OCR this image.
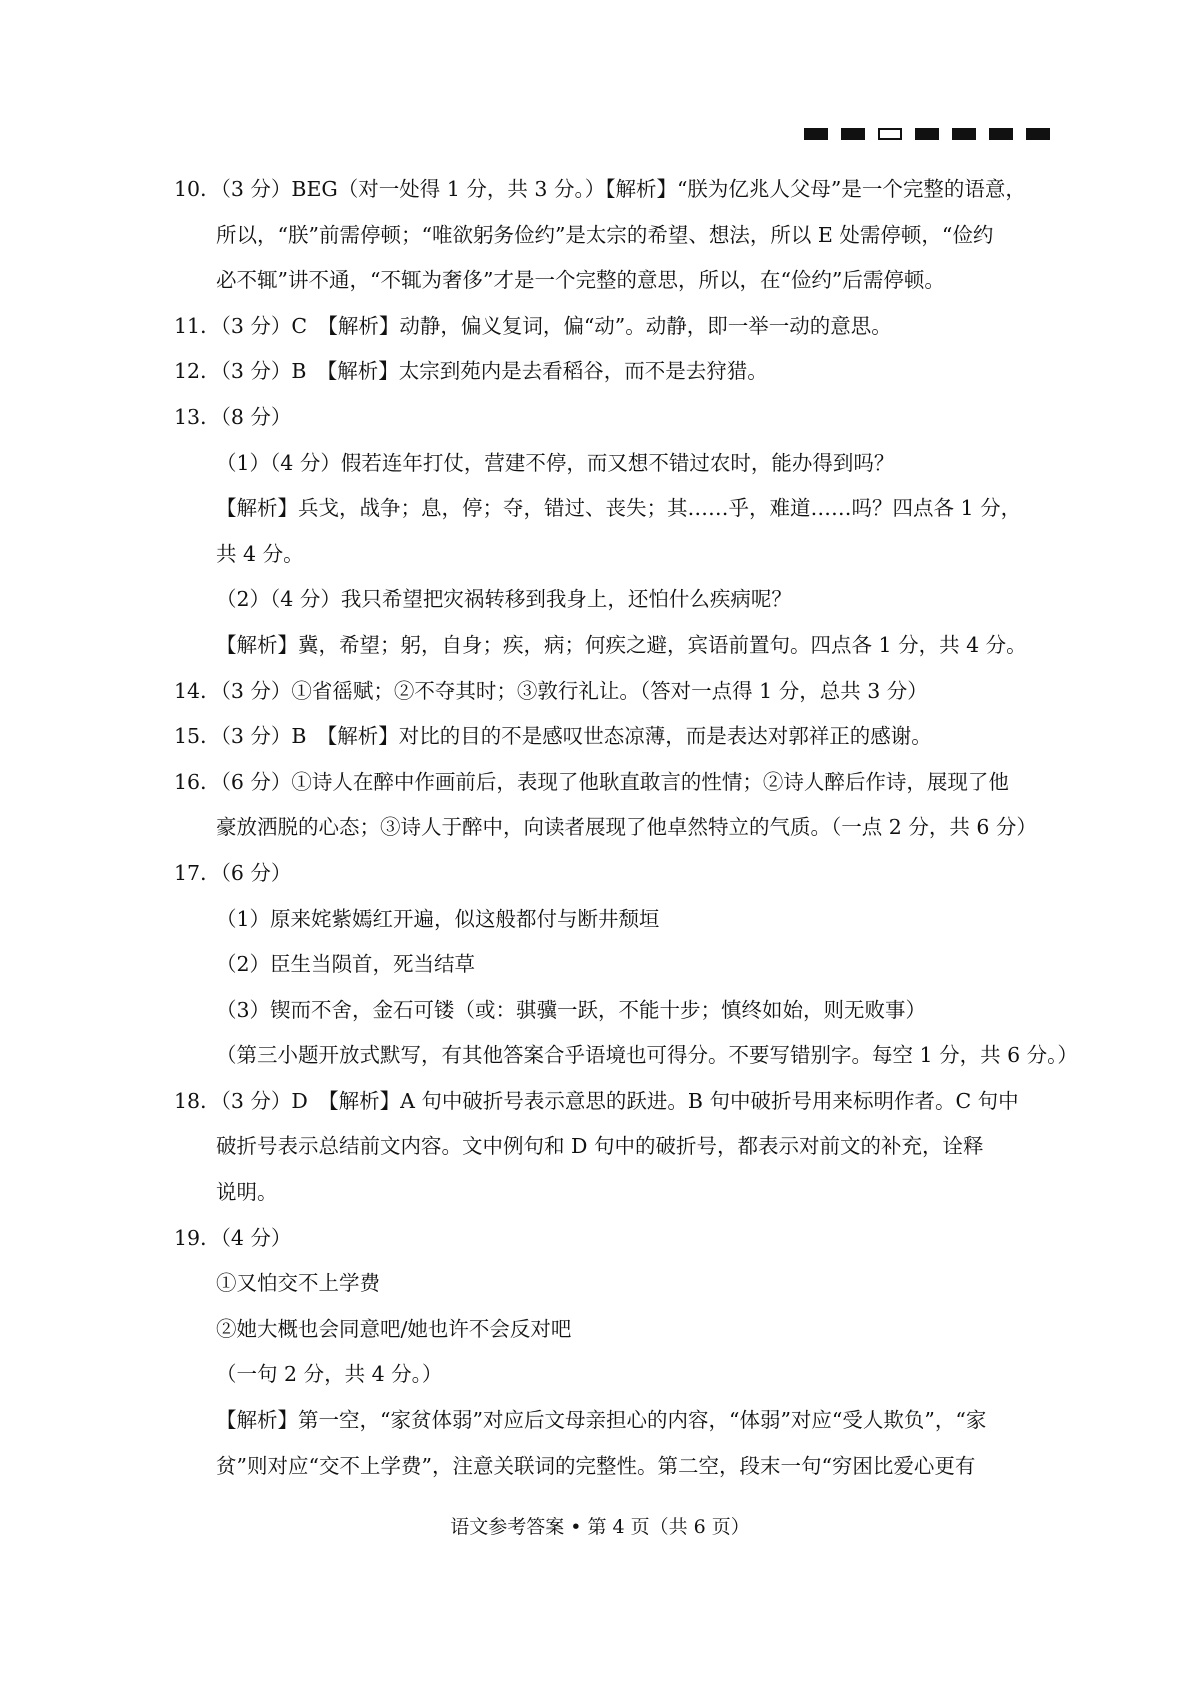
10．（3 分）BEG（对一处得 1 分，共 3 分。）【解析】“朕为亿兆人父母”是一个完整的语意，
所以，“朕”前需停顿；“唯欲躬务俭约”是太宗的希望、想法，所以 E 处需停顿，“俭约
必不辄”讲不通，“不辄为奢侈”才是一个完整的意思，所以，在“俭约”后需停顿。
11．（3 分）C　【解析】动静，偏义复词，偏“动”。动静，即一举一动的意思。
12．（3 分）B　【解析】太宗到苑内是去看稻谷，而不是去狩猎。
13．（8 分）
（1）（4 分）假若连年打仗，营建不停，而又想不错过农时，能办得到吗？
【解析】兵戈，战争；息，停；夺，错过、丧失；其……乎，难道……吗？四点各 1 分，
共 4 分。
（2）（4 分）我只希望把灾祸转移到我身上，还怕什么疾病呢？
【解析】冀，希望；躬，自身；疾，病；何疾之避，宾语前置句。四点各 1 分，共 4 分。
14．（3 分）①省徭赋；②不夺其时；③敦行礼让。（答对一点得 1 分，总共 3 分）
15．（3 分）B　【解析】对比的目的不是感叹世态凉薄，而是表达对郭祥正的感谢。
16．（6 分）①诗人在醉中作画前后，表现了他耿直敢言的性情；②诗人醉后作诗，展现了他
豪放洒脱的心态；③诗人于醉中，向读者展现了他卓然特立的气质。（一点 2 分，共 6 分）
17．（6 分）
（1）原来姹紫嫣红开遍，似这般都付与断井颓垣
（2）臣生当陨首，死当结草
（3）锲而不舍，金石可镂（或：骐骥一跃，不能十步；慎终如始，则无败事）
（第三小题开放式默写，有其他答案合乎语境也可得分。不要写错别字。每空 1 分，共 6 分。）
18．（3 分）D　【解析】A 句中破折号表示意思的跃进。B 句中破折号用来标明作者。C 句中
破折号表示总结前文内容。文中例句和 D 句中的破折号，都表示对前文的补充，诠释
说明。
19．（4 分）
①又怕交不上学费
②她大概也会同意吧/她也许不会反对吧
（一句 2 分，共 4 分。）
【解析】第一空，“家贫体弱”对应后文母亲担心的内容，“体弱”对应“受人欺负”，“家
贫”则对应“交不上学费”，注意关联词的完整性。第二空，段末一句“穷困比爱心更有
语文参考答案 • 第 4 页（共 6 页）
